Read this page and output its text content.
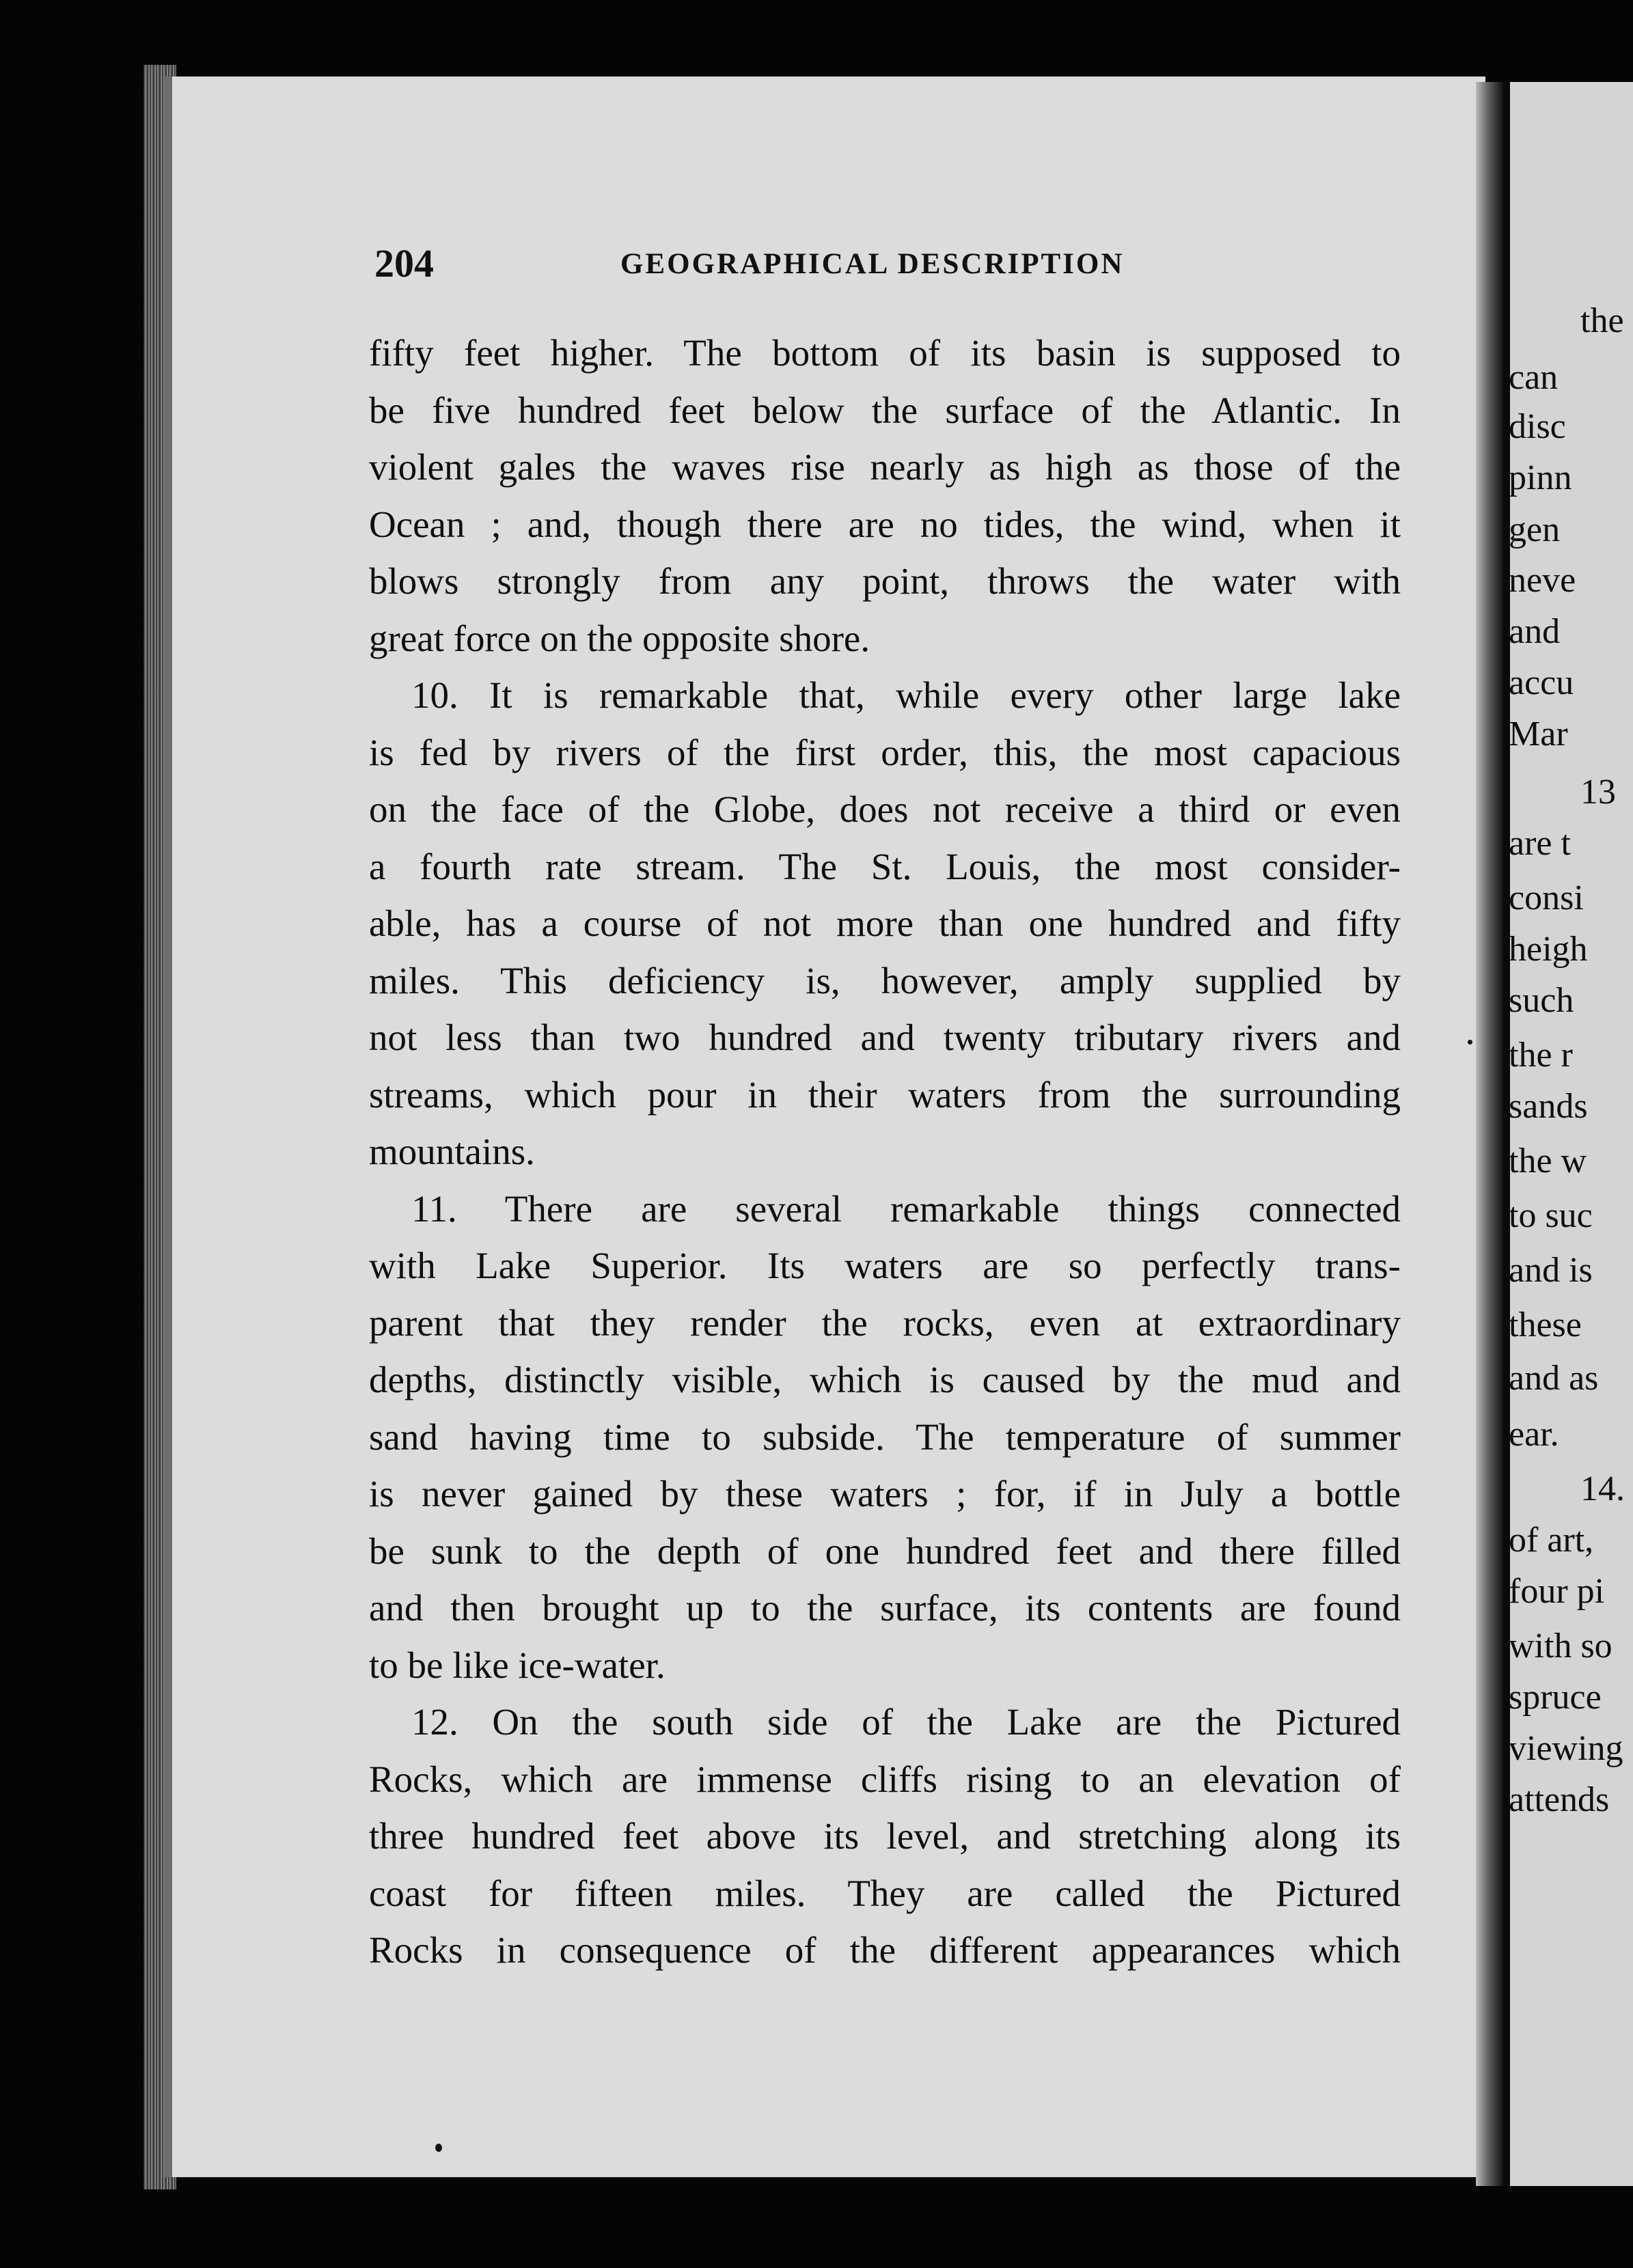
204	GEOGRAPHICAL DESCRIPTION
fifty feet higher. The bottom of its basin is supposed to
be five hundred feet below the surface of the Atlantic. In
violent gales the waves rise nearly as high as those of the
Ocean ; and, though there are no tides, the wind, when it
blows strongly from any point, throws the water with
great force on the opposite shore.
10. It is remarkable that, while every other large lake
is fed by rivers of the first order, this, the most capacious
on the face of the Globe, does not receive a third or even
a fourth rate stream. The St. Louis, the most consider-
able, has a course of not more than one hundred and fifty
miles. This deficiency is, however, amply supplied by
not less than two hundred and twenty tributary rivers and
streams, which pour in their waters from the surrounding
mountains.
11. There are several remarkable things connected
with Lake Superior. Its waters are so perfectly trans-
parent that they render the rocks, even at extraordinary
depths, distinctly visible, which is caused by the mud and
sand having time to subside. The temperature of summer
is never gained by these waters ; for, if in July a bottle
be sunk to the depth of one hundred feet and there filled
and then brought up to the surface, its contents are found
to be like ice-water.
12. On the south side of the Lake are the Pictured
Rocks, which are immense cliffs rising to an elevation of
three hundred feet above its level, and stretching along its
coast for fifteen miles. They are called the Pictured
Rocks in consequence of the different appearances which
the
can
disc
pinn
gen
neve
and
accu
Mar
13
are t
consi
heigh
such
the r
sands
the w
to suc
and is
these
and as
ear.
14.
of art,
four pi
with so
spruce
viewing
attends
